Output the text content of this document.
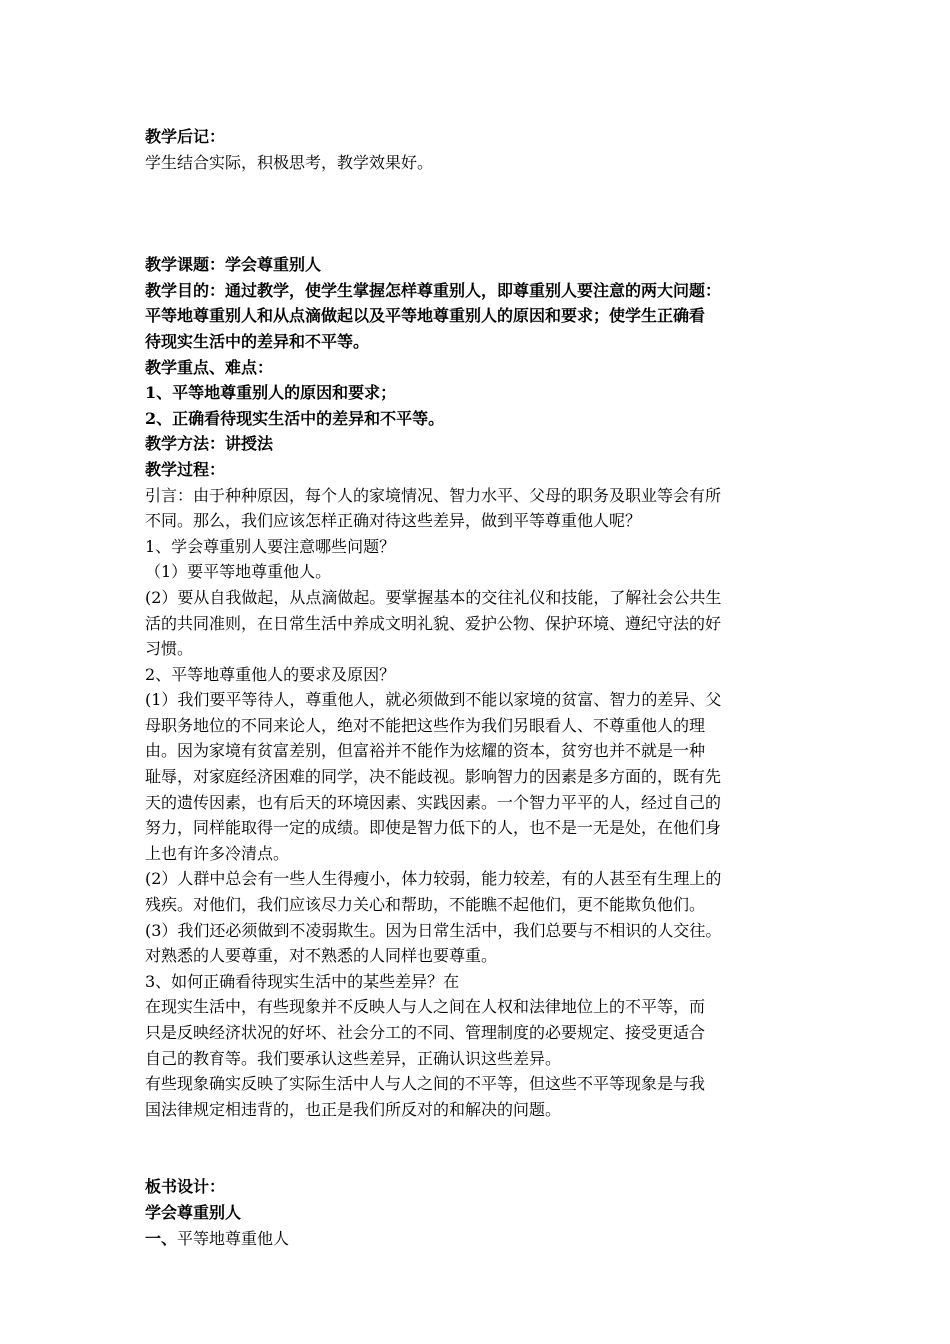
教学后记：
学生结合实际，积极思考，教学效果好。
教学课题：学会尊重别人
教学目的：通过教学，使学生掌握怎样尊重别人，即尊重别人要注意的两大问题：
平等地尊重别人和从点滴做起以及平等地尊重别人的原因和要求；使学生正确看
待现实生活中的差异和不平等。
教学重点、难点：
1、平等地尊重别人的原因和要求；
2、正确看待现实生活中的差异和不平等。
教学方法：讲授法
教学过程：
引言：由于种种原因，每个人的家境情况、智力水平、父母的职务及职业等会有所
不同。那么，我们应该怎样正确对待这些差异，做到平等尊重他人呢？
1、学会尊重别人要注意哪些问题？
（1）要平等地尊重他人。
(2）要从自我做起，从点滴做起。要掌握基本的交往礼仪和技能，了解社会公共生
活的共同准则，在日常生活中养成文明礼貌、爱护公物、保护环境、遵纪守法的好
习惯。
2、平等地尊重他人的要求及原因？
(1）我们要平等待人，尊重他人，就必须做到不能以家境的贫富、智力的差异、父
母职务地位的不同来论人，绝对不能把这些作为我们另眼看人、不尊重他人的理
由。因为家境有贫富差别，但富裕并不能作为炫耀的资本，贫穷也并不就是一种
耻辱，对家庭经济困难的同学，决不能歧视。影响智力的因素是多方面的，既有先
天的遗传因素，也有后天的环境因素、实践因素。一个智力平平的人，经过自己的
努力，同样能取得一定的成绩。即使是智力低下的人，也不是一无是处，在他们身
上也有许多冷清点。
(2）人群中总会有一些人生得瘦小，体力较弱，能力较差，有的人甚至有生理上的
残疾。对他们，我们应该尽力关心和帮助，不能瞧不起他们，更不能欺负他们。
(3）我们还必须做到不凌弱欺生。因为日常生活中，我们总要与不相识的人交往。
对熟悉的人要尊重，对不熟悉的人同样也要尊重。
3、如何正确看待现实生活中的某些差异？在
在现实生活中，有些现象并不反映人与人之间在人权和法律地位上的不平等，而
只是反映经济状况的好坏、社会分工的不同、管理制度的必要规定、接受更适合
自己的教育等。我们要承认这些差异，正确认识这些差异。
有些现象确实反映了实际生活中人与人之间的不平等，但这些不平等现象是与我
国法律规定相违背的，也正是我们所反对的和解决的问题。
板书设计：
学会尊重别人
一、平等地尊重他人
